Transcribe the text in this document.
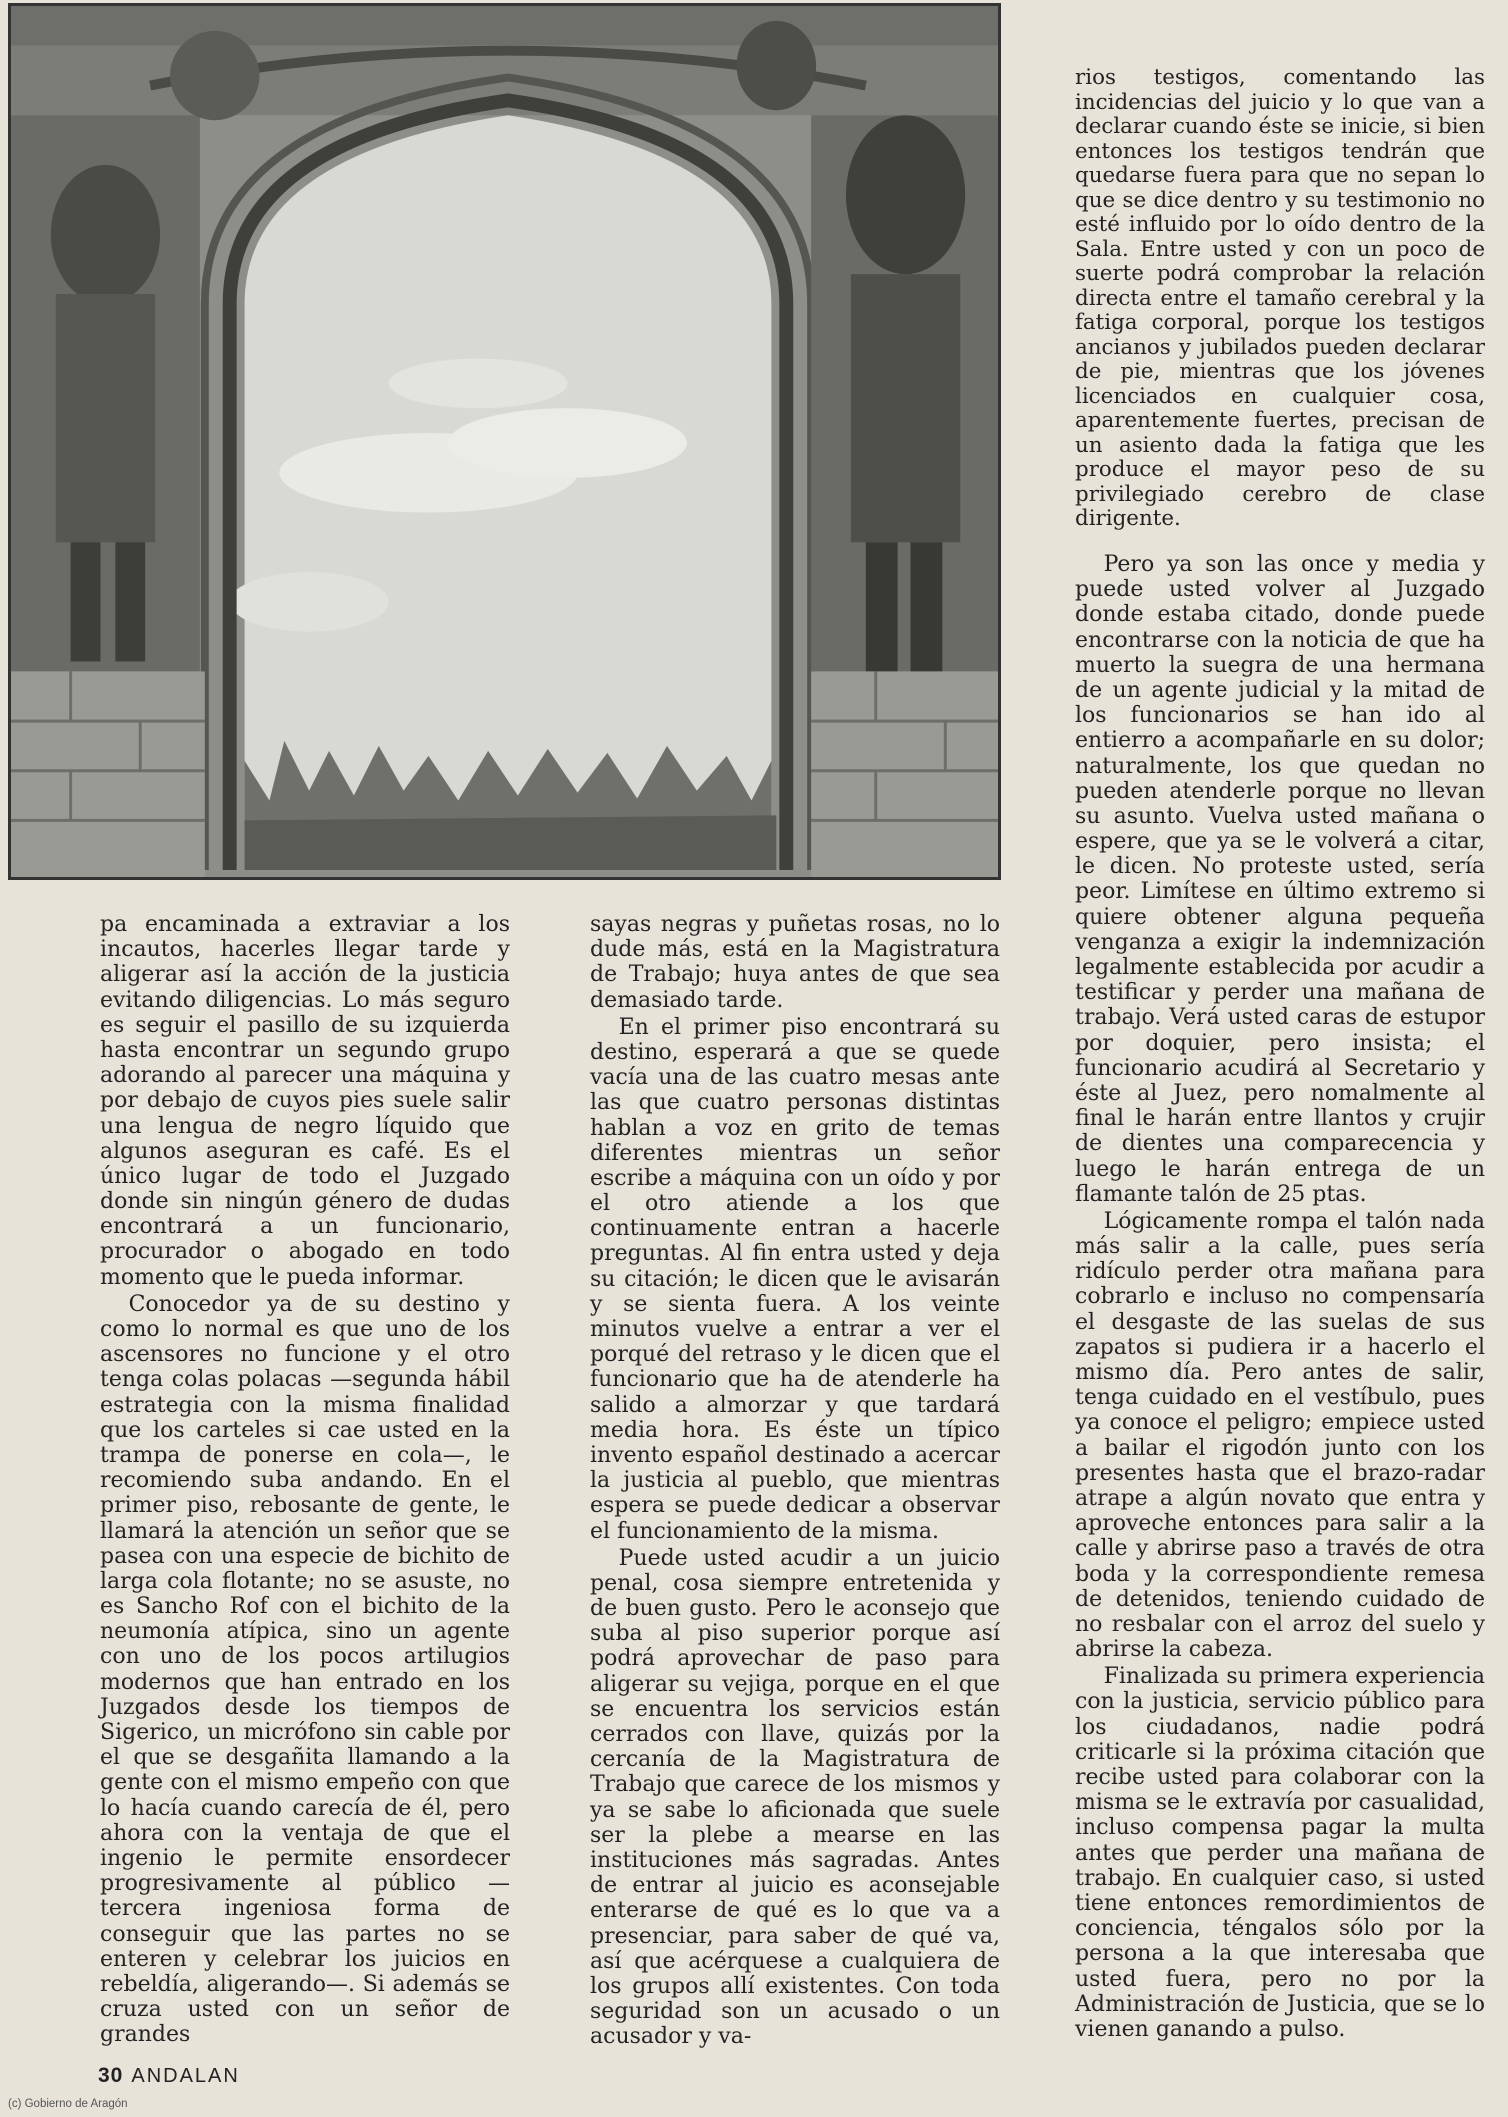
rios testigos, comentando las incidencias del juicio y lo que van a declarar cuando éste se inicie, si bien entonces los testigos tendrán que quedarse fuera para que no sepan lo que se dice dentro y su testimonio no esté influido por lo oído dentro de la Sala. Entre usted y con un poco de suerte podrá comprobar la relación directa entre el tamaño cerebral y la fatiga corporal, porque los testigos ancianos y jubilados pueden declarar de pie, mientras que los jóvenes licenciados en cualquier cosa, aparentemente fuertes, precisan de un asiento dada la fatiga que les produce el mayor peso de su privilegiado cerebro de clase dirigente.

Pero ya son las once y media y puede usted volver al Juzgado donde estaba citado, donde puede encontrarse con la noticia de que ha muerto la suegra de una hermana de un agente judicial y la mitad de los funcionarios se han ido al entierro a acompañarle en su dolor; naturalmente, los que quedan no pueden atenderle porque no llevan su asunto. Vuelva usted mañana o espere, que ya se le volverá a citar, le dicen. No proteste usted, sería peor. Limítese en último extremo si quiere obtener alguna pequeña venganza a exigir la indemnización legalmente establecida por acudir a testificar y perder una mañana de trabajo. Verá usted caras de estupor por doquier, pero insista; el funcionario acudirá al Secretario y éste al Juez, pero nomalmente al final le harán entre llantos y crujir de dientes una comparecencia y luego le harán entrega de un flamante talón de 25 ptas.

Lógicamente rompa el talón nada más salir a la calle, pues sería ridículo perder otra mañana para cobrarlo e incluso no compensaría el desgaste de las suelas de sus zapatos si pudiera ir a hacerlo el mismo día. Pero antes de salir, tenga cuidado en el vestíbulo, pues ya conoce el peligro; empiece usted a bailar el rigodón junto con los presentes hasta que el brazo-radar atrape a algún novato que entra y aproveche entonces para salir a la calle y abrirse paso a través de otra boda y la correspondiente remesa de detenidos, teniendo cuidado de no resbalar con el arroz del suelo y abrirse la cabeza.

Finalizada su primera experiencia con la justicia, servicio público para los ciudadanos, nadie podrá criticarle si la próxima citación que recibe usted para colaborar con la misma se le extravía por casualidad, incluso compensa pagar la multa antes que perder una mañana de trabajo. En cualquier caso, si usted tiene entonces remordimientos de conciencia, téngalos sólo por la persona a la que interesaba que usted fuera, pero no por la Administración de Justicia, que se lo vienen ganando a pulso.

pa encaminada a extraviar a los incautos, hacerles llegar tarde y aligerar así la acción de la justicia evitando diligencias. Lo más seguro es seguir el pasillo de su izquierda hasta encontrar un segundo grupo adorando al parecer una máquina y por debajo de cuyos pies suele salir una lengua de negro líquido que algunos aseguran es café. Es el único lugar de todo el Juzgado donde sin ningún género de dudas encontrará a un funcionario, procurador o abogado en todo momento que le pueda informar.

Conocedor ya de su destino y como lo normal es que uno de los ascensores no funcione y el otro tenga colas polacas —segunda hábil estrategia con la misma finalidad que los carteles si cae usted en la trampa de ponerse en cola—, le recomiendo suba andando. En el primer piso, rebosante de gente, le llamará la atención un señor que se pasea con una especie de bichito de larga cola flotante; no se asuste, no es Sancho Rof con el bichito de la neumonía atípica, sino un agente con uno de los pocos artilugios modernos que han entrado en los Juzgados desde los tiempos de Sigerico, un micrófono sin cable por el que se desgañita llamando a la gente con el mismo empeño con que lo hacía cuando carecía de él, pero ahora con la ventaja de que el ingenio le permite ensordecer progresivamente al público —tercera ingeniosa forma de conseguir que las partes no se enteren y celebrar los juicios en rebeldía, aligerando—. Si además se cruza usted con un señor de grandes

sayas negras y puñetas rosas, no lo dude más, está en la Magistratura de Trabajo; huya antes de que sea demasiado tarde.

En el primer piso encontrará su destino, esperará a que se quede vacía una de las cuatro mesas ante las que cuatro personas distintas hablan a voz en grito de temas diferentes mientras un señor escribe a máquina con un oído y por el otro atiende a los que continuamente entran a hacerle preguntas. Al fin entra usted y deja su citación; le dicen que le avisarán y se sienta fuera. A los veinte minutos vuelve a entrar a ver el porqué del retraso y le dicen que el funcionario que ha de atenderle ha salido a almorzar y que tardará media hora. Es éste un típico invento español destinado a acercar la justicia al pueblo, que mientras espera se puede dedicar a observar el funcionamiento de la misma.

Puede usted acudir a un juicio penal, cosa siempre entretenida y de buen gusto. Pero le aconsejo que suba al piso superior porque así podrá aprovechar de paso para aligerar su vejiga, porque en el que se encuentra los servicios están cerrados con llave, quizás por la cercanía de la Magistratura de Trabajo que carece de los mismos y ya se sabe lo aficionada que suele ser la plebe a mearse en las instituciones más sagradas. Antes de entrar al juicio es aconsejable enterarse de qué es lo que va a presenciar, para saber de qué va, así que acérquese a cualquiera de los grupos allí existentes. Con toda seguridad son un acusado o un acusador y va-

30 ANDALAN
(c) Gobierno de Aragón
